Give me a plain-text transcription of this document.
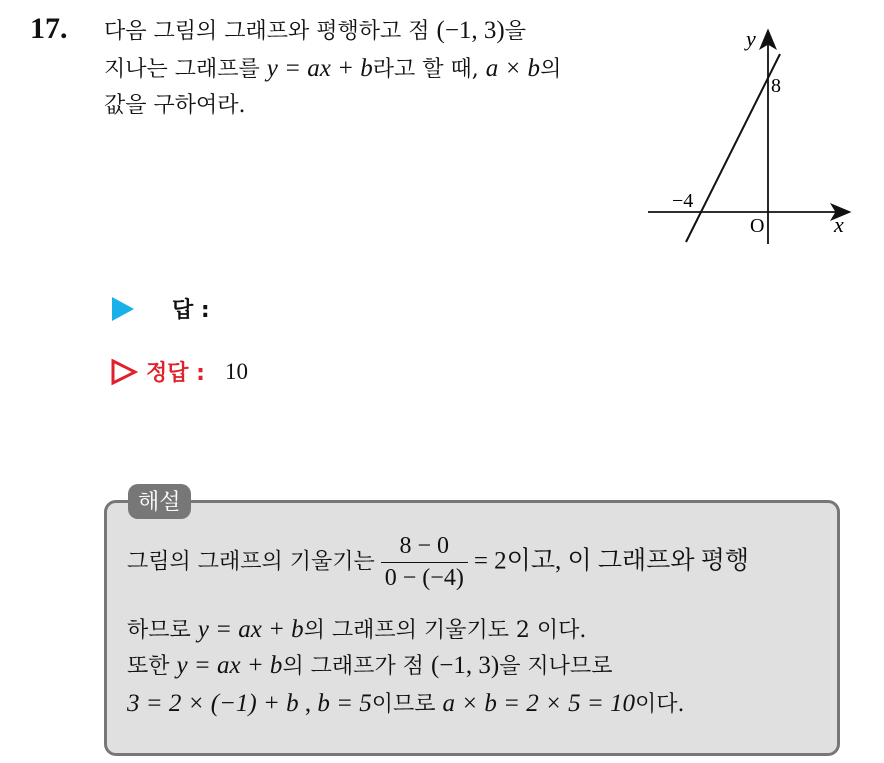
17. 다음 그림의 그래프와 평행하고 점 (−1, 3)을
지나는 그래프를 y = ax + b라고 할 때, a × b의
값을 구하여라.
x
y
O
8
−4
답 :
정답 : 10
그림의 그래프의 기울기는 $\frac{8 - 0}{0 - (-4)} = 2$이고, 이 그래프와 평행
하므로 y = ax + b의 그래프의 기울기도 2 이다.
또한 y = ax + b의 그래프가 점 (−1, 3)을 지나므로
3 = 2 × (−1) + b , b = 5이므로 a × b = 2 × 5 = 10이다.
해설
